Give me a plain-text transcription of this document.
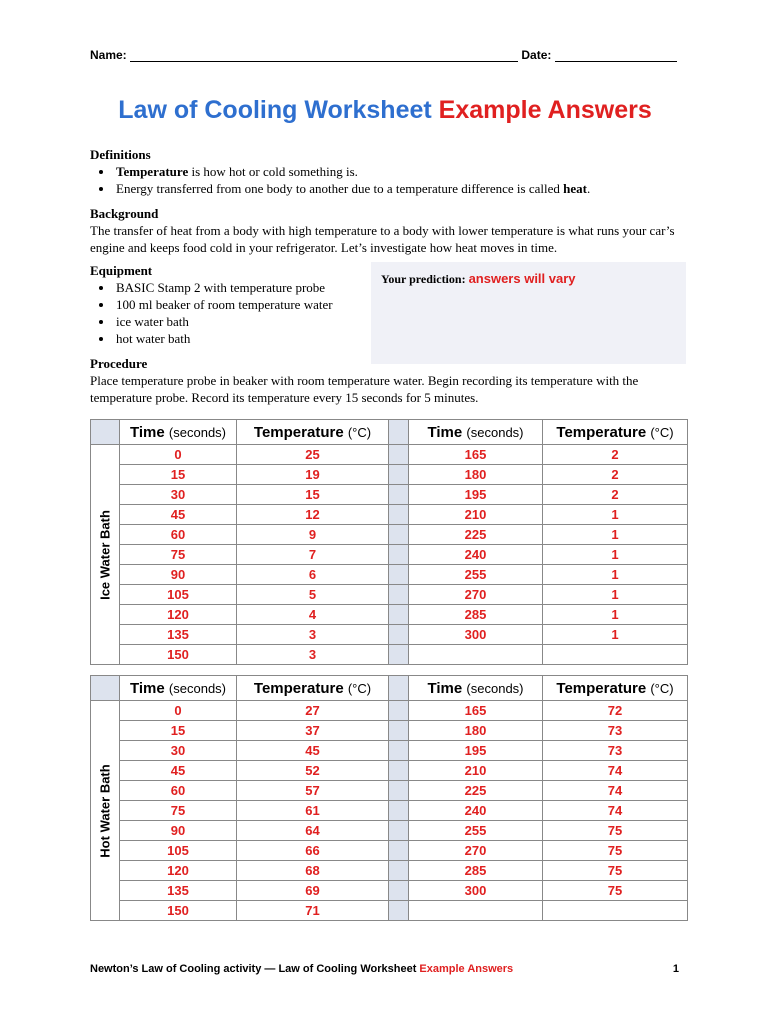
Name:	Date:
Law of Cooling Worksheet Example Answers
Definitions
• Temperature is how hot or cold something is.
• Energy transferred from one body to another due to a temperature difference is called heat.
Background
The transfer of heat from a body with high temperature to a body with lower temperature is what runs your car’s engine and keeps food cold in your refrigerator. Let’s investigate how heat moves in time.
Equipment
• BASIC Stamp 2 with temperature probe
• 100 ml beaker of room temperature water
• ice water bath
• hot water bath
Your prediction: answers will vary
Procedure
Place temperature probe in beaker with room temperature water. Begin recording its temperature with the temperature probe. Record its temperature every 15 seconds for 5 minutes.
	Time (seconds)	Temperature (°C)		Time (seconds)	Temperature (°C)

Ice Water Bath	0	25		165	2
	15	19		180	2
	30	15		195	2
	45	12		210	1
	60	9		225	1
	75	7		240	1
	90	6		255	1
	105	5		270	1
	120	4		285	1
	135	3		300	1
	150	3			
	Time (seconds)	Temperature (°C)		Time (seconds)	Temperature (°C)

Hot Water Bath	0	27		165	72
	15	37		180	73
	30	45		195	73
	45	52		210	74
	60	57		225	74
	75	61		240	74
	90	64		255	75
	105	66		270	75
	120	68		285	75
	135	69		300	75
	150	71			
Newton’s Law of Cooling activity — Law of Cooling Worksheet Example Answers	1
